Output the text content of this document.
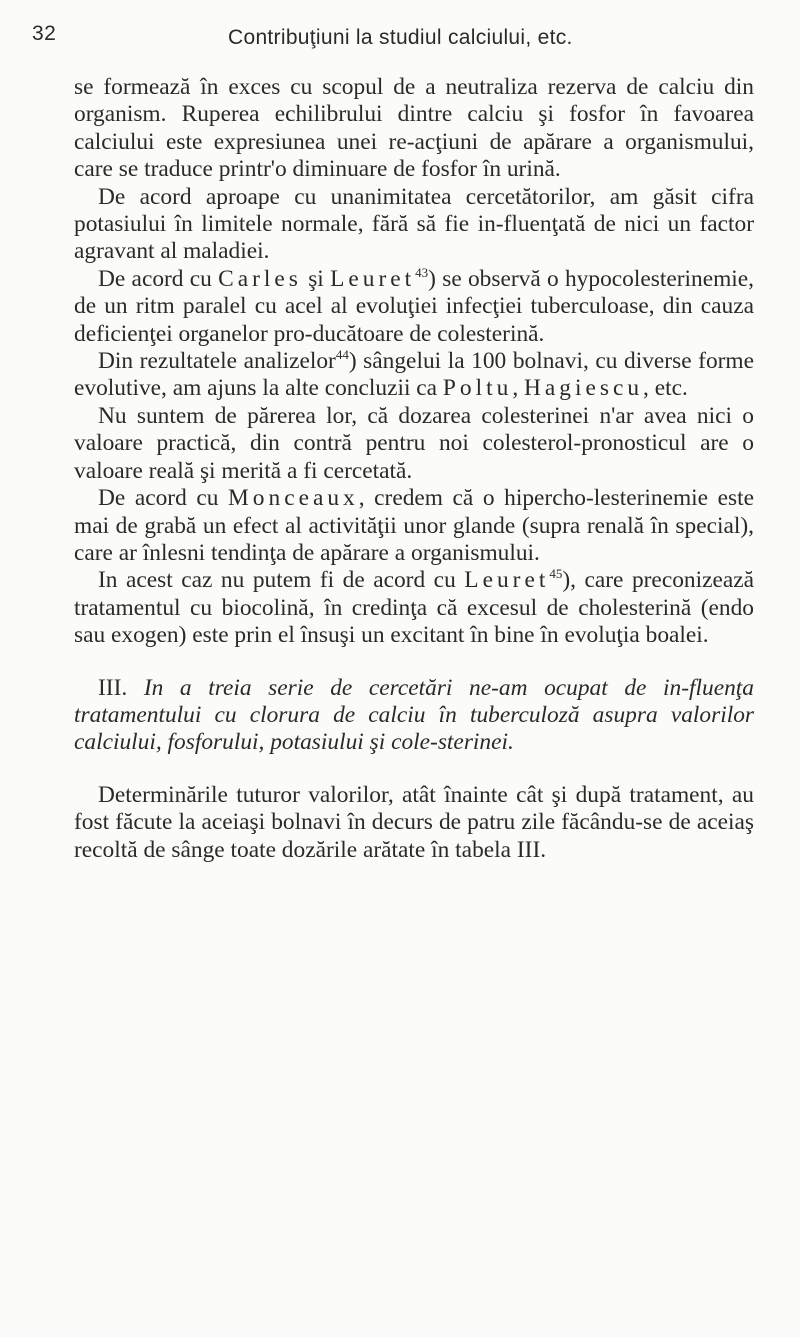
32	Contribuţiuni la studiul calciului, etc.

se formează în exces cu scopul de a neutraliza rezerva de calciu din organism. Ruperea echilibrului dintre calciu şi fosfor în favoarea calciului este expresiunea unei re-acţiuni de apărare a organismului, care se traduce printr'o diminuare de fosfor în urină.

De acord aproape cu unanimitatea cercetătorilor, am găsit cifra potasiului în limitele normale, fără să fie in-fluenţată de nici un factor agravant al maladiei.

De acord cu Carles şi Leuret$^{43}$) se observă o hypocolesterinemie, de un ritm paralel cu acel al evoluţiei infecţiei tuberculoase, din cauza deficienţei organelor pro-ducătoare de colesterină.

Din rezultatele analizelor$^{44}$) sângelui la 100 bolnavi, cu diverse forme evolutive, am ajuns la alte concluzii ca Poltu, Hagiescu, etc.

Nu suntem de părerea lor, că dozarea colesterinei n'ar avea nici o valoare practică, din contră pentru noi colesterol-pronosticul are o valoare reală şi merită a fi cercetată.

De acord cu Monceaux, credem că o hipercho-lesterinemie este mai de grabă un efect al activităţii unor glande (supra renală în special), care ar înlesni tendinţa de apărare a organismului.

In acest caz nu putem fi de acord cu Leuret$^{45}$), care preconizează tratamentul cu biocolină, în credinţa că excesul de cholesterină (endo sau exogen) este prin el însuşi un excitant în bine în evoluţia boalei.

III. In a treia serie de cercetări ne-am ocupat de in-fluenţa tratamentului cu clorura de calciu în tuberculoză asupra valorilor calciului, fosforului, potasiului şi cole-sterinei.

Determinările tuturor valorilor, atât înainte cât şi după tratament, au fost făcute la aceiaşi bolnavi în decurs de patru zile făcându-se de aceiaş recoltă de sânge toate dozările arătate în tabela III.
